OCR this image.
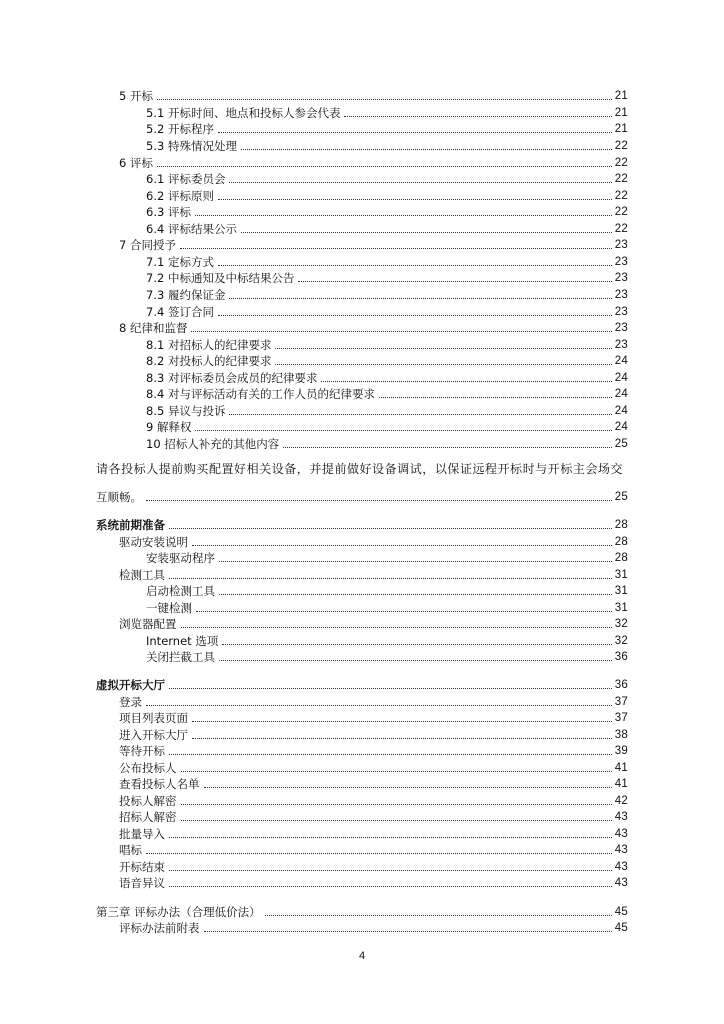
5 开标	21
5.1 开标时间、地点和投标人参会代表	21
5.2 开标程序	21
5.3 特殊情况处理	22
6 评标	22
6.1 评标委员会	22
6.2 评标原则	22
6.3 评标	22
6.4 评标结果公示	22
7 合同授予	23
7.1 定标方式	23
7.2 中标通知及中标结果公告	23
7.3 履约保证金	23
7.4 签订合同	23
8 纪律和监督	23
8.1 对招标人的纪律要求	23
8.2 对投标人的纪律要求	24
8.3 对评标委员会成员的纪律要求	24
8.4 对与评标活动有关的工作人员的纪律要求	24
8.5 异议与投诉	24
9 解释权	24
10 招标人补充的其他内容	25
请各投标人提前购买配置好相关设备，并提前做好设备调试，以保证远程开标时与开标主会场交
互顺畅。	25
系统前期准备	28
驱动安装说明	28
安装驱动程序	28
检测工具	31
启动检测工具	31
一键检测	31
浏览器配置	32
Internet 选项	32
关闭拦截工具	36
虚拟开标大厅	36
登录	37
项目列表页面	37
进入开标大厅	38
等待开标	39
公布投标人	41
查看投标人名单	41
投标人解密	42
招标人解密	43
批量导入	43
唱标	43
开标结束	43
语音异议	43
第三章 评标办法（合理低价法）	45
评标办法前附表	45
4
